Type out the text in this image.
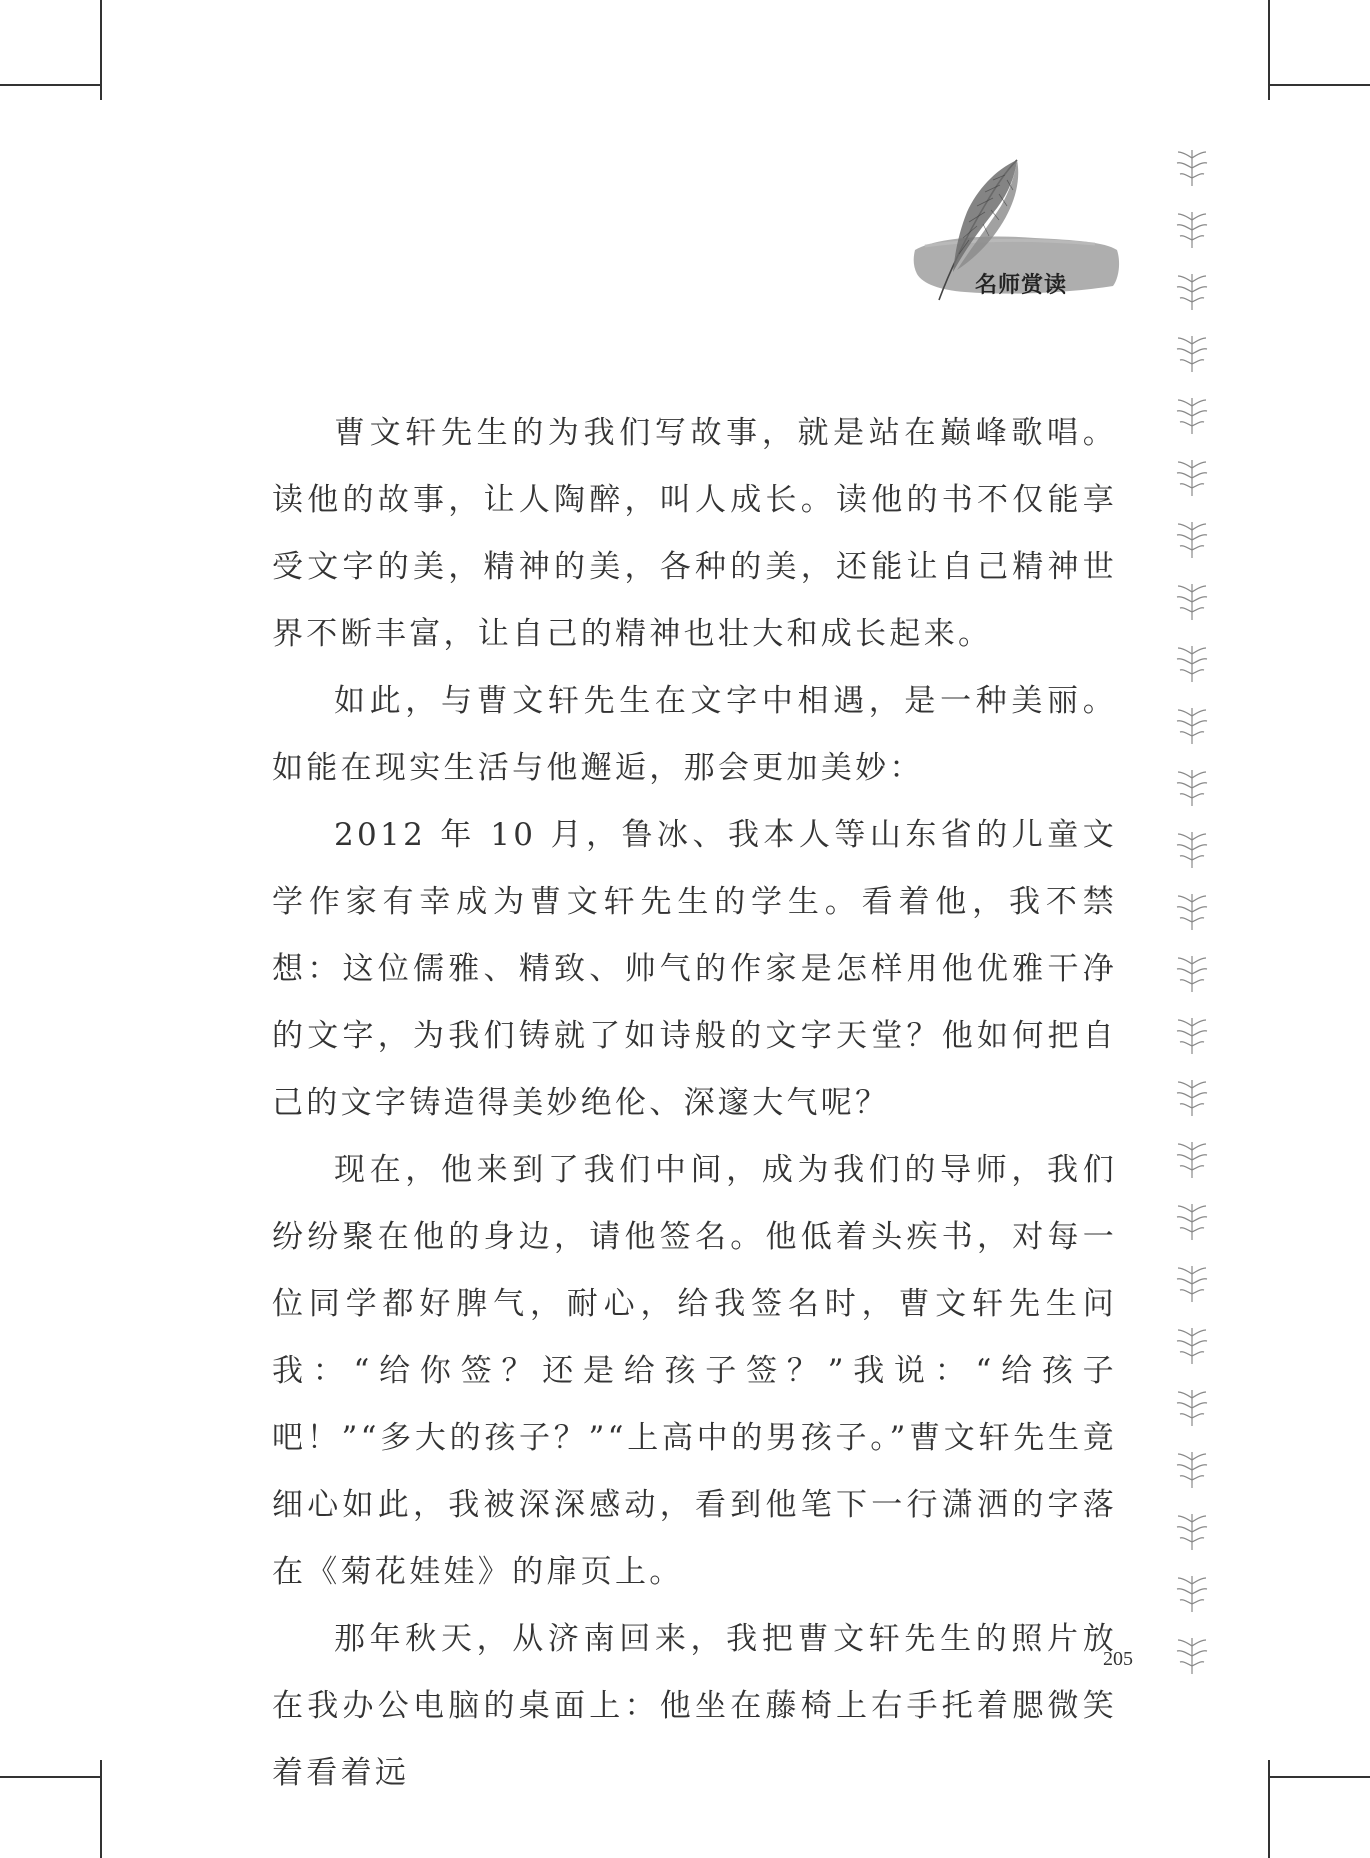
名师赏读

曹文轩先生的为我们写故事，就是站在巅峰歌唱。读他的故事，让人陶醉，叫人成长。读他的书不仅能享受文字的美，精神的美，各种的美，还能让自己精神世界不断丰富，让自己的精神也壮大和成长起来。

如此，与曹文轩先生在文字中相遇，是一种美丽。如能在现实生活与他邂逅，那会更加美妙：

2012 年 10 月，鲁冰、我本人等山东省的儿童文学作家有幸成为曹文轩先生的学生。看着他，我不禁想：这位儒雅、精致、帅气的作家是怎样用他优雅干净的文字，为我们铸就了如诗般的文字天堂？他如何把自己的文字铸造得美妙绝伦、深邃大气呢？

现在，他来到了我们中间，成为我们的导师，我们纷纷聚在他的身边，请他签名。他低着头疾书，对每一位同学都好脾气，耐心，给我签名时，曹文轩先生问我：“给你签？还是给孩子签？”我说：“给孩子吧！”“多大的孩子？”“上高中的男孩子。”曹文轩先生竟细心如此，我被深深感动，看到他笔下一行潇洒的字落在《菊花娃娃》的扉页上。

那年秋天，从济南回来，我把曹文轩先生的照片放在我办公电脑的桌面上：他坐在藤椅上右手托着腮微笑着看着远

205
